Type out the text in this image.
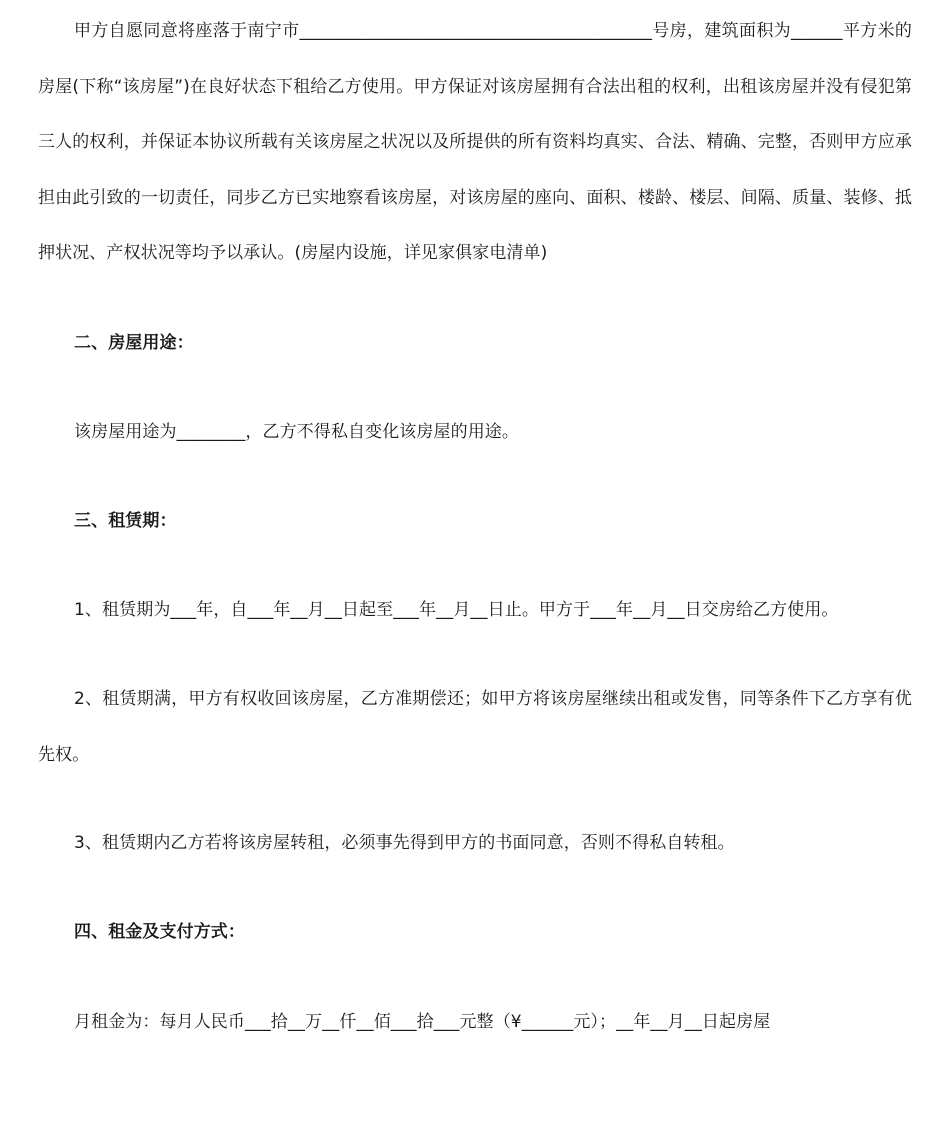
甲方自愿同意将座落于南宁市_________________________________________号房，建筑面积为______平方米的房屋(下称“该房屋”)在良好状态下租给乙方使用。甲方保证对该房屋拥有合法出租的权利，出租该房屋并没有侵犯第三人的权利，并保证本协议所载有关该房屋之状况以及所提供的所有资料均真实、合法、精确、完整，否则甲方应承担由此引致的一切责任，同步乙方已实地察看该房屋，对该房屋的座向、面积、楼龄、楼层、间隔、质量、装修、抵押状况、产权状况等均予以承认。(房屋内设施，详见家俱家电清单)

二、房屋用途：

该房屋用途为________，乙方不得私自变化该房屋的用途。

三、租赁期：

1、租赁期为___年，自___年__月__日起至___年__月__日止。甲方于___年__月__日交房给乙方使用。

2、租赁期满，甲方有权收回该房屋，乙方准期偿还；如甲方将该房屋继续出租或发售，同等条件下乙方享有优先权。

3、租赁期内乙方若将该房屋转租，必须事先得到甲方的书面同意，否则不得私自转租。

四、租金及支付方式：

月租金为：每月人民币___拾__万__仟__佰___拾___元整（¥______元）；__年__月__日起房屋
